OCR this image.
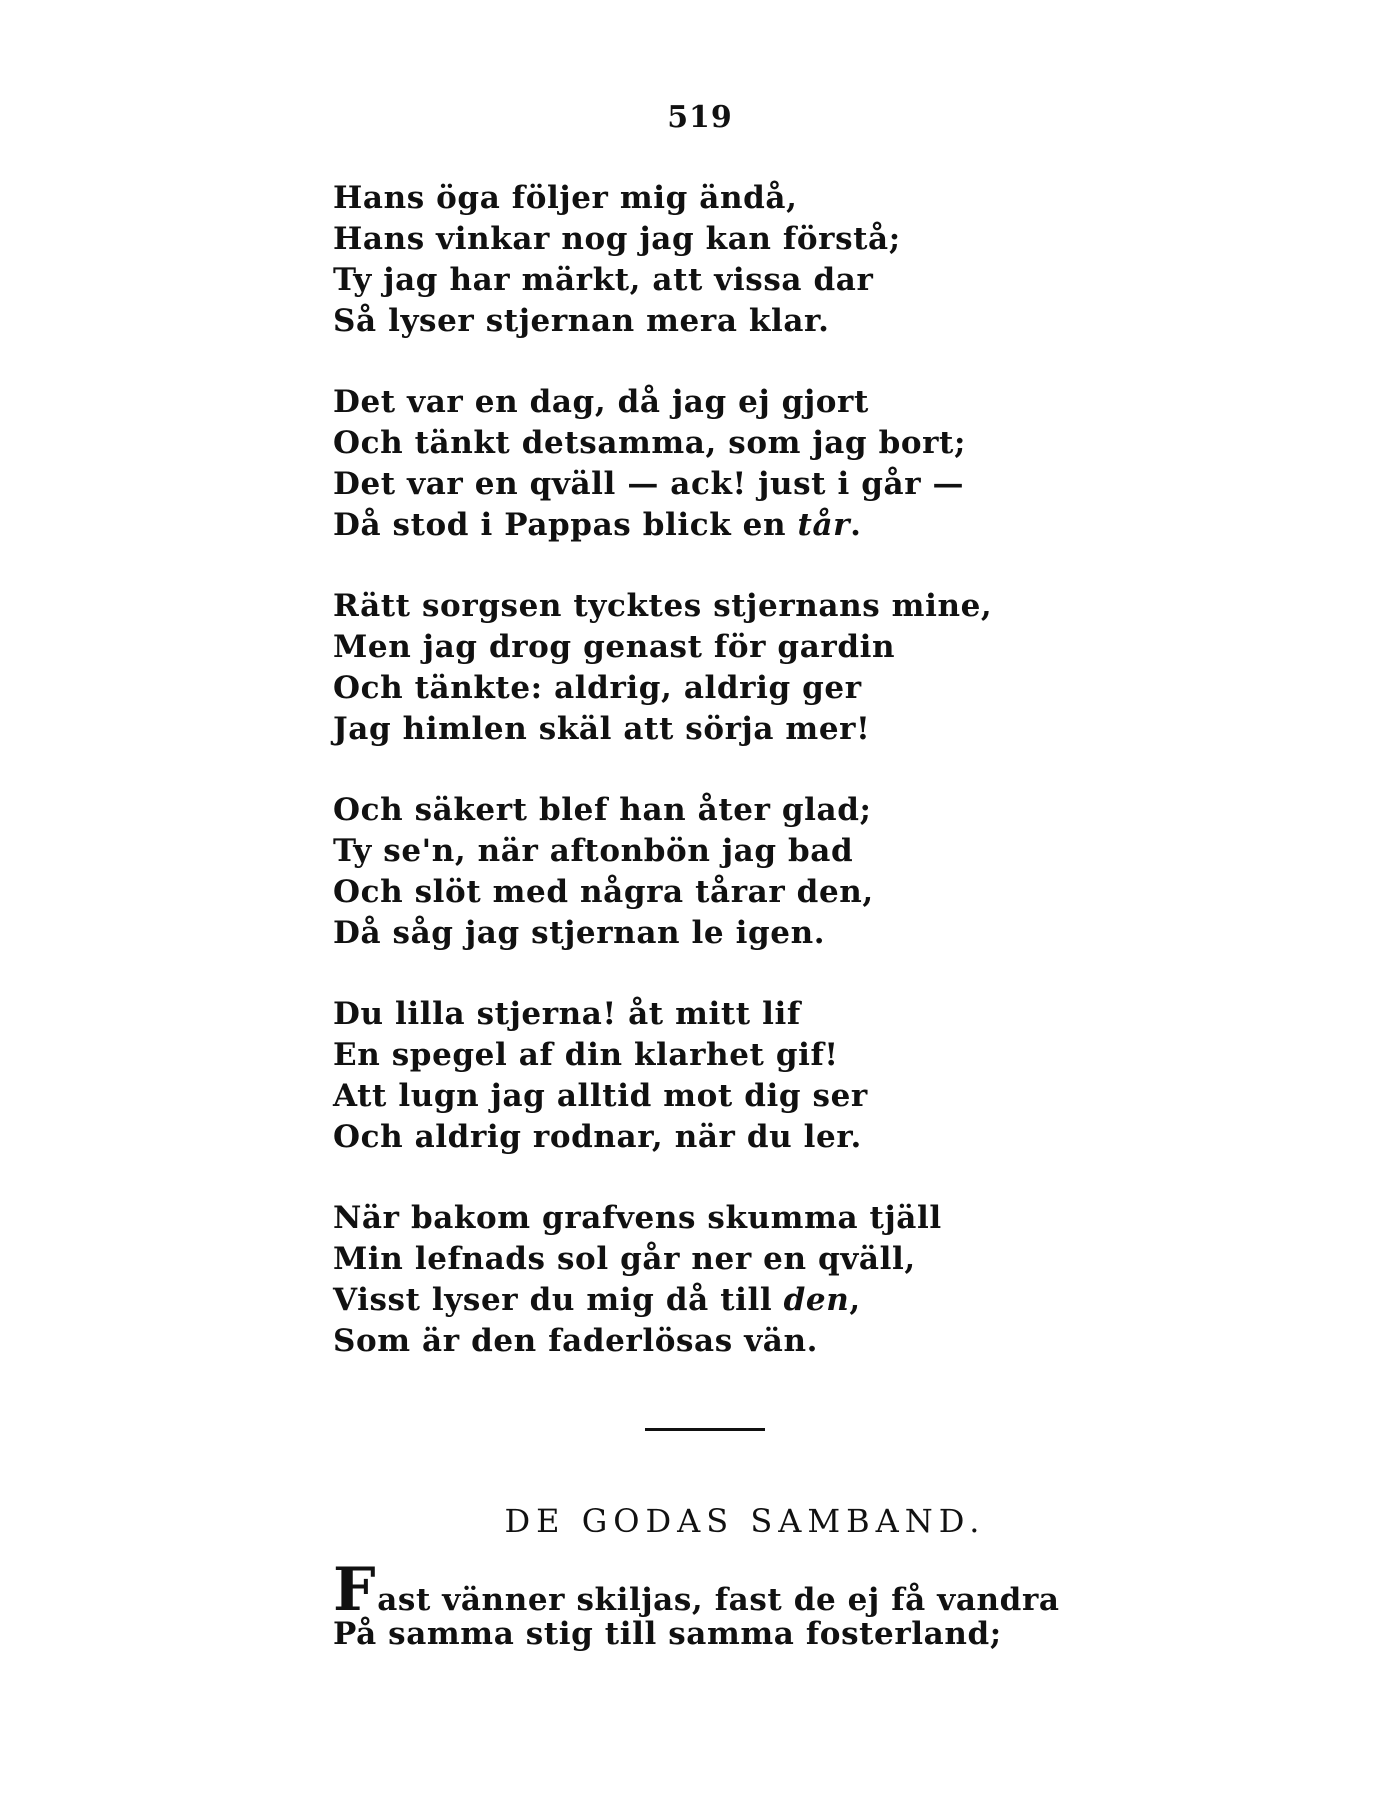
519
Hans öga följer mig ändå,
Hans vinkar nog jag kan förstå;
Ty jag har märkt, att vissa dar
Så lyser stjernan mera klar.
Det var en dag, då jag ej gjort
Och tänkt detsamma, som jag bort;
Det var en qväll — ack! just i går —
Då stod i Pappas blick en tår.
Rätt sorgsen tycktes stjernans mine,
Men jag drog genast för gardin
Och tänkte: aldrig, aldrig ger
Jag himlen skäl att sörja mer!
Och säkert blef han åter glad;
Ty se'n, när aftonbön jag bad
Och slöt med några tårar den,
Då såg jag stjernan le igen.
Du lilla stjerna! åt mitt lif
En spegel af din klarhet gif!
Att lugn jag alltid mot dig ser
Och aldrig rodnar, när du ler.
När bakom grafvens skumma tjäll
Min lefnads sol går ner en qväll,
Visst lyser du mig då till den,
Som är den faderlösas vän.
DE GODAS SAMBAND.
Fast vänner skiljas, fast de ej få vandra
På samma stig till samma fosterland;
